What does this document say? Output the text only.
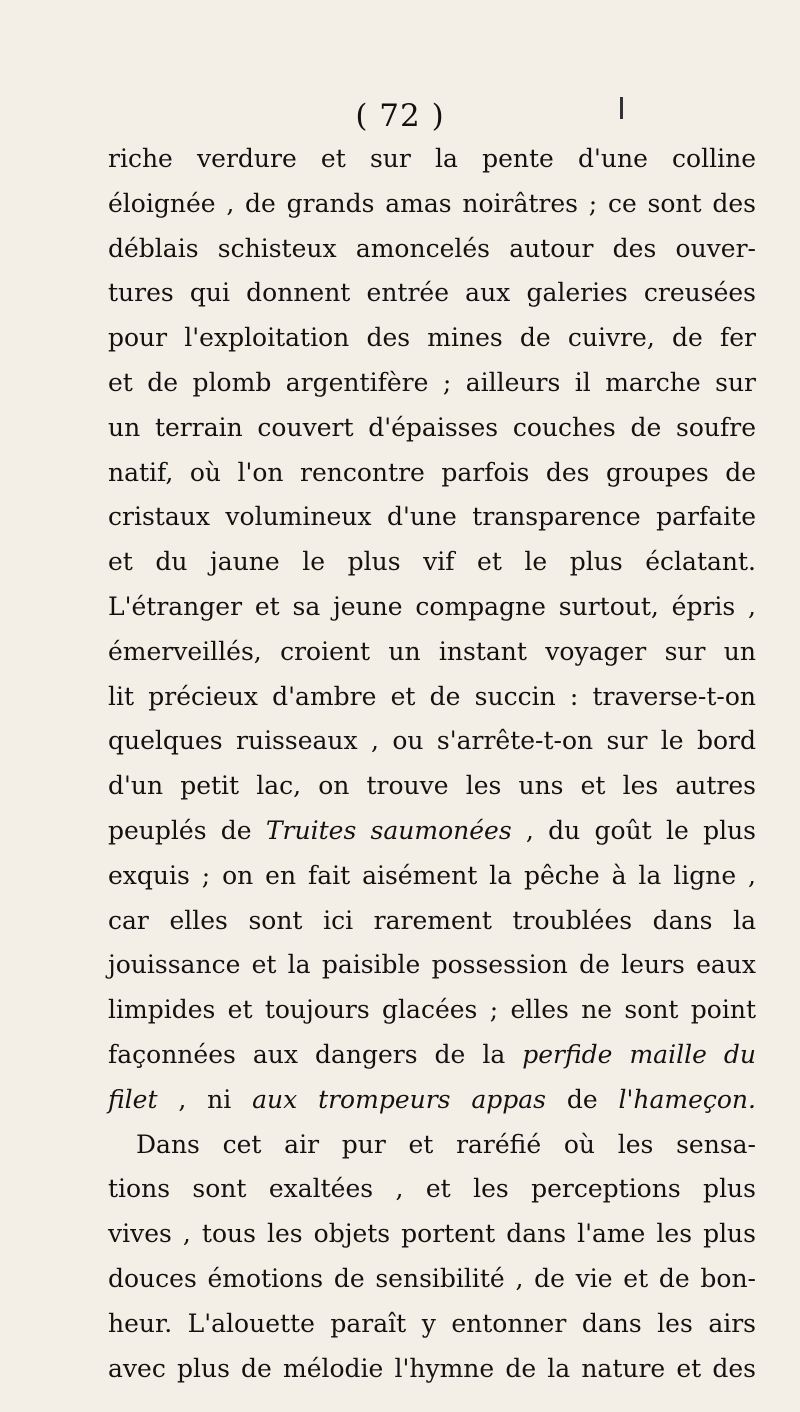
( 72 )
riche verdure et sur la pente d'une colline
éloignée , de grands amas noirâtres ; ce sont des
déblais schisteux amoncelés autour des ouver-
tures qui donnent entrée aux galeries creusées
pour l'exploitation des mines de cuivre, de fer
et de plomb argentifère ; ailleurs il marche sur
un terrain couvert d'épaisses couches de soufre
natif, où l'on rencontre parfois des groupes de
cristaux volumineux d'une transparence parfaite
et du jaune le plus vif et le plus éclatant.
L'étranger et sa jeune compagne surtout, épris ,
émerveillés, croient un instant voyager sur un
lit précieux d'ambre et de succin : traverse-t-on
quelques ruisseaux , ou s'arrête-t-on sur le bord
d'un petit lac, on trouve les uns et les autres
peuplés de Truites saumonées , du goût le plus
exquis ; on en fait aisément la pêche à la ligne ,
car elles sont ici rarement troublées dans la
jouissance et la paisible possession de leurs eaux
limpides et toujours glacées ; elles ne sont point
façonnées aux dangers de la perfide maille du
filet , ni aux trompeurs appas de l'hameçon.
Dans cet air pur et raréfié où les sensa-
tions sont exaltées , et les perceptions plus
vives , tous les objets portent dans l'ame les plus
douces émotions de sensibilité , de vie et de bon-
heur. L'alouette paraît y entonner dans les airs
avec plus de mélodie l'hymne de la nature et des
